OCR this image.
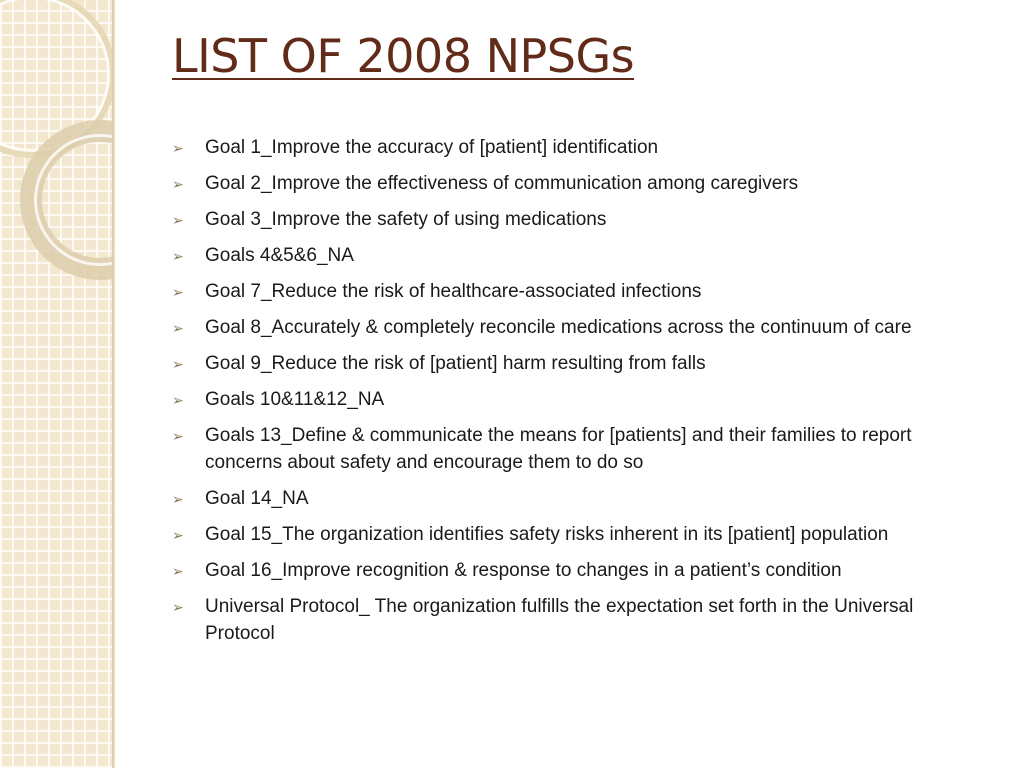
LIST OF 2008 NPSGs
➢ Goal 1_Improve the accuracy of [patient] identification
➢ Goal 2_Improve the effectiveness of communication among caregivers
➢ Goal 3_Improve the safety of using medications
➢ Goals 4&5&6_NA
➢ Goal 7_Reduce the risk of healthcare-associated infections
➢ Goal 8_Accurately & completely reconcile medications across the continuum of care
➢ Goal 9_Reduce the risk of [patient] harm resulting from falls
➢ Goals 10&11&12_NA
➢ Goals 13_Define & communicate the means for [patients] and their families to report concerns about safety and encourage them to do so
➢ Goal 14_NA
➢ Goal 15_The organization identifies safety risks inherent in its [patient] population
➢ Goal 16_Improve recognition & response to changes in a patient’s condition
➢ Universal Protocol_ The organization fulfills the expectation set forth in the Universal Protocol
